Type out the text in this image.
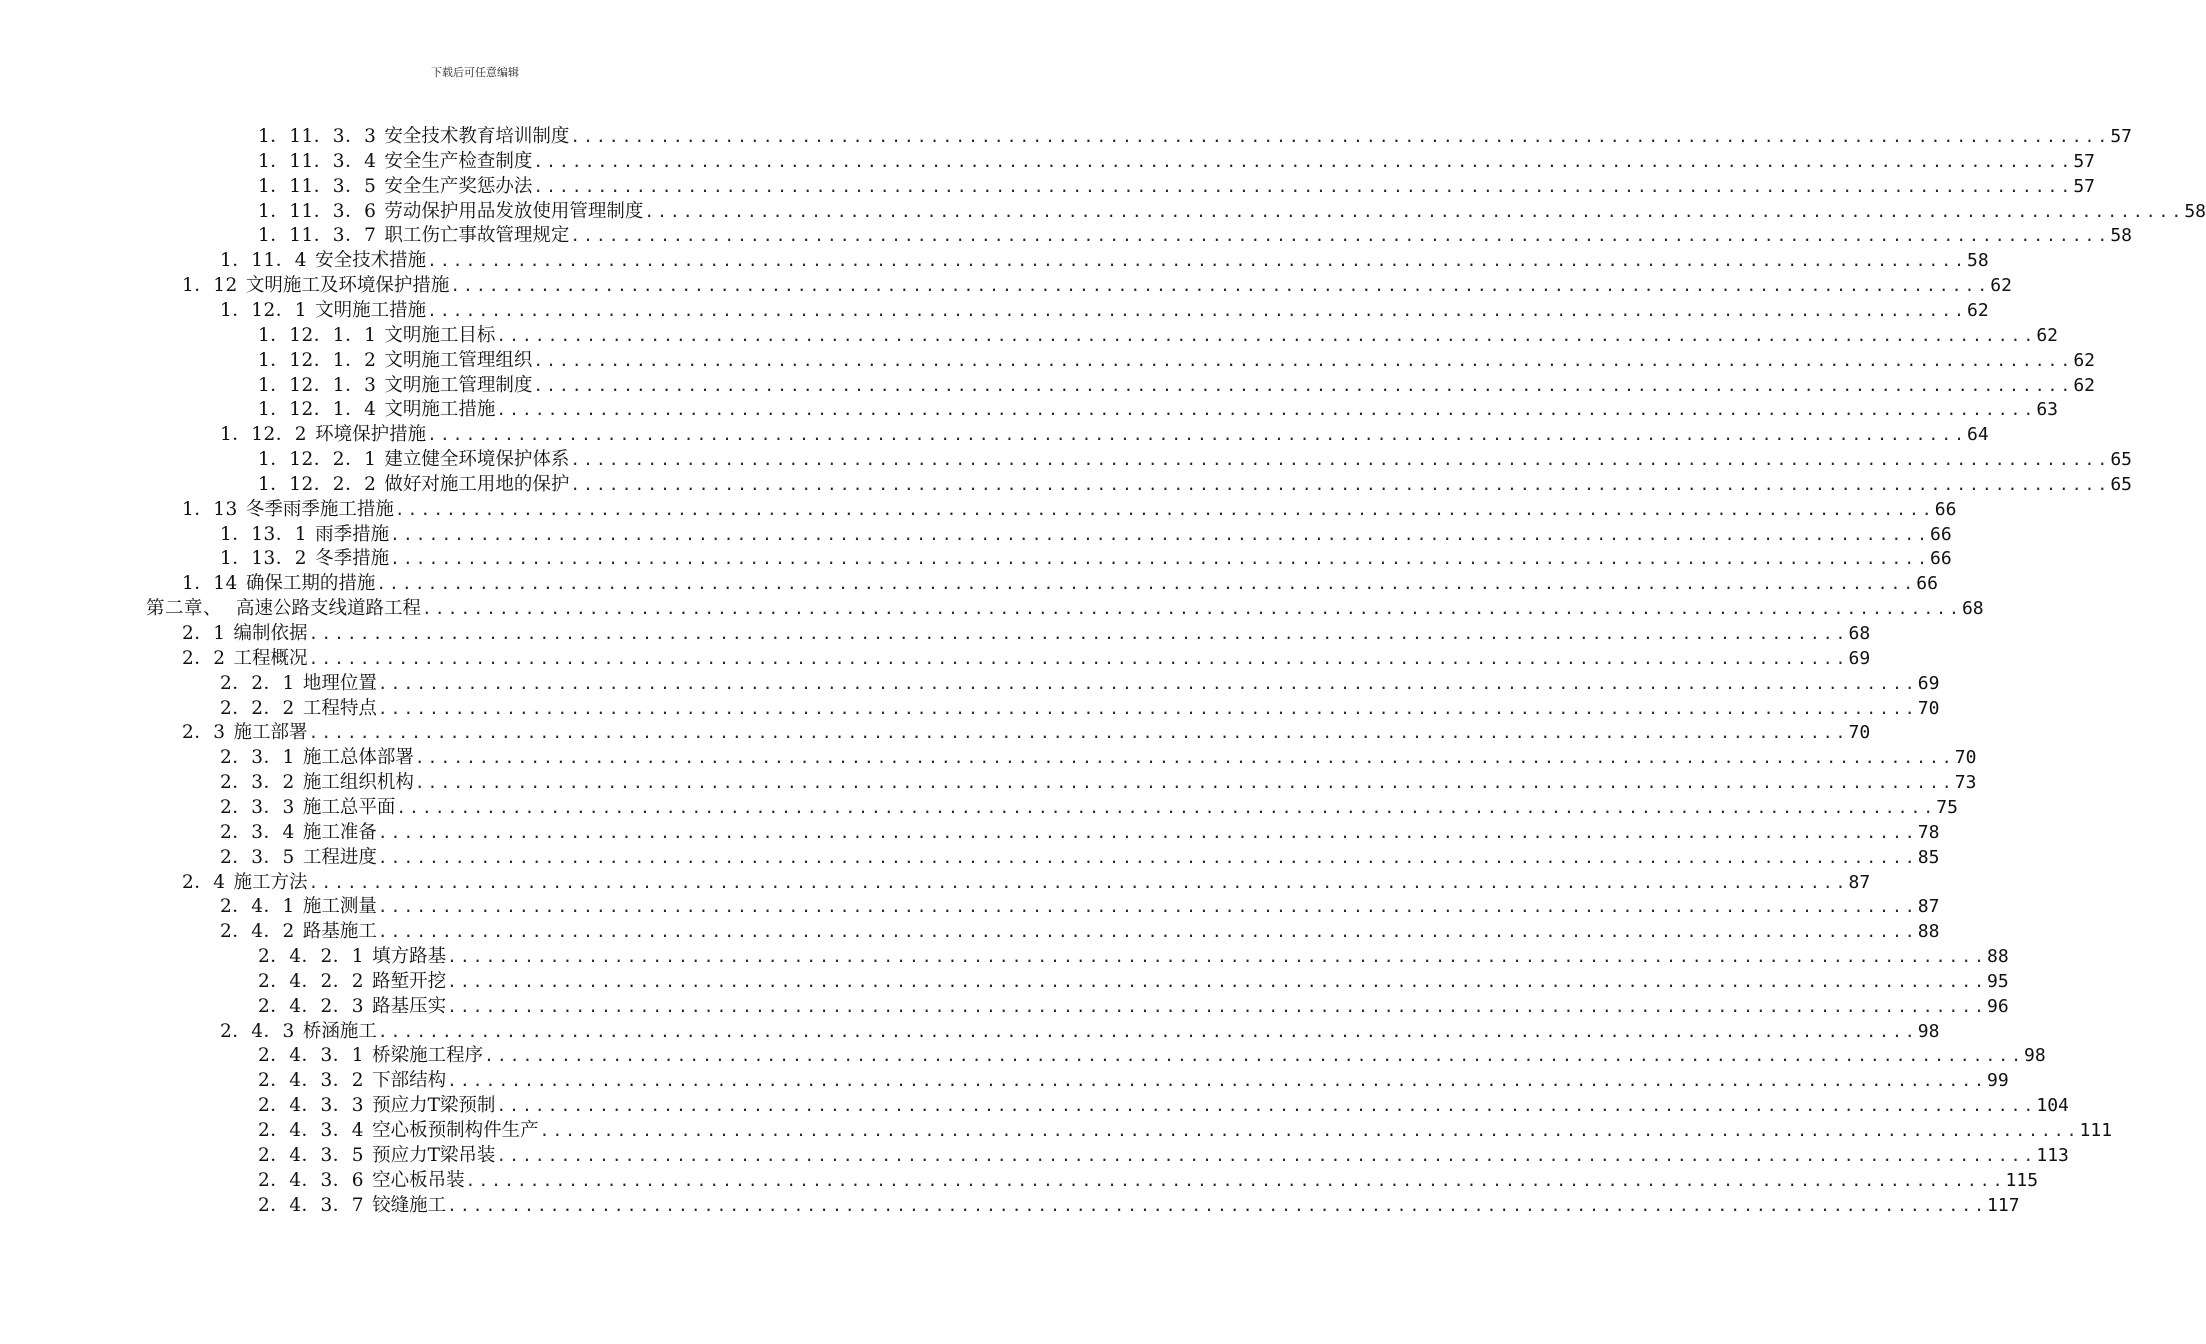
下载后可任意编辑
1．11．3．3 安全技术教育培训制度 ........................................................................................................................ 57
1．11．3．4 安全生产检查制度 ........................................................................................................................ 57
1．11．3．5 安全生产奖惩办法 ........................................................................................................................ 57
1．11．3．6 劳动保护用品发放使用管理制度 ........................................................................................................................ 58
1．11．3．7 职工伤亡事故管理规定 ........................................................................................................................ 58
1．11．4 安全技术措施 ........................................................................................................................ 58
1．12 文明施工及环境保护措施 ........................................................................................................................ 62
1．12．1 文明施工措施 ........................................................................................................................ 62
1．12．1．1 文明施工目标 ........................................................................................................................ 62
1．12．1．2 文明施工管理组织 ........................................................................................................................ 62
1．12．1．3 文明施工管理制度 ........................................................................................................................ 62
1．12．1．4 文明施工措施 ........................................................................................................................ 63
1．12．2 环境保护措施 ........................................................................................................................ 64
1．12．2．1 建立健全环境保护体系 ........................................................................................................................ 65
1．12．2．2 做好对施工用地的保护 ........................................................................................................................ 65
1．13 冬季雨季施工措施 ........................................................................................................................ 66
1．13．1 雨季措施 ........................................................................................................................ 66
1．13．2 冬季措施 ........................................................................................................................ 66
1．14 确保工期的措施 ........................................................................................................................ 66
第二章、 高速公路支线道路工程 ........................................................................................................................ 68
2．1 编制依据 ........................................................................................................................ 68
2．2 工程概况 ........................................................................................................................ 69
2．2．1 地理位置 ........................................................................................................................ 69
2．2．2 工程特点 ........................................................................................................................ 70
2．3 施工部署 ........................................................................................................................ 70
2．3．1 施工总体部署 ........................................................................................................................ 70
2．3．2 施工组织机构 ........................................................................................................................ 73
2．3．3 施工总平面 ........................................................................................................................ 75
2．3．4 施工准备 ........................................................................................................................ 78
2．3．5 工程进度 ........................................................................................................................ 85
2．4 施工方法 ........................................................................................................................ 87
2．4．1 施工测量 ........................................................................................................................ 87
2．4．2 路基施工 ........................................................................................................................ 88
2．4．2．1 填方路基 ........................................................................................................................ 88
2．4．2．2 路堑开挖 ........................................................................................................................ 95
2．4．2．3 路基压实 ........................................................................................................................ 96
2．4．3 桥涵施工 ........................................................................................................................ 98
2．4．3．1 桥梁施工程序 ........................................................................................................................ 98
2．4．3．2 下部结构 ........................................................................................................................ 99
2．4．3．3 预应力T梁预制 ........................................................................................................................ 104
2．4．3．4 空心板预制构件生产 ........................................................................................................................ 111
2．4．3．5 预应力T梁吊装 ........................................................................................................................ 113
2．4．3．6 空心板吊装 ........................................................................................................................ 115
2．4．3．7 铰缝施工 ........................................................................................................................ 117
